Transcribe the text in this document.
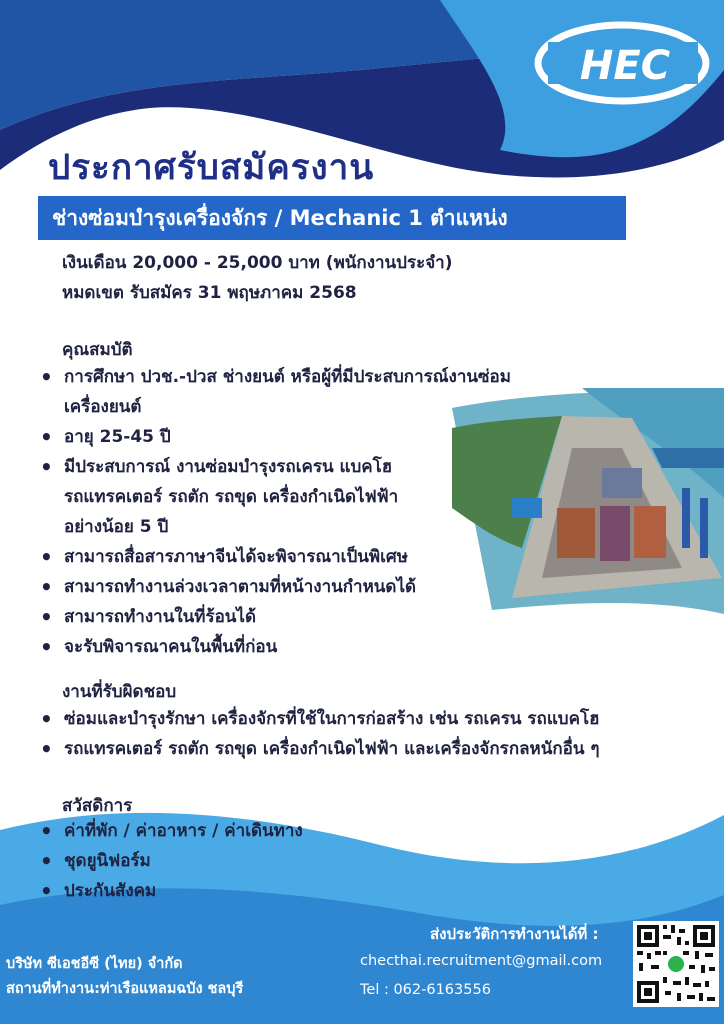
HEC
ประกาศรับสมัครงาน
ช่างซ่อมบำรุงเครื่องจักร / Mechanic 1 ตำแหน่ง
เงินเดือน 20,000 - 25,000 บาท (พนักงานประจำ)
หมดเขต รับสมัคร 31 พฤษภาคม 2568
คุณสมบัติ
• การศึกษา ปวช.-ปวส ช่างยนต์ หรือผู้ที่มีประสบการณ์งานซ่อม
เครื่องยนต์
• อายุ 25-45 ปี
• มีประสบการณ์ งานซ่อมบำรุงรถเครน แบคโฮ
รถแทรคเตอร์ รถตัก รถขุด เครื่องกำเนิดไฟฟ้า
อย่างน้อย 5 ปี
• สามารถสื่อสารภาษาจีนได้จะพิจารณาเป็นพิเศษ
• สามารถทำงานล่วงเวลาตามที่หน้างานกำหนดได้
• สามารถทำงานในที่ร้อนได้
• จะรับพิจารณาคนในพื้นที่ก่อน
งานที่รับผิดชอบ
• ซ่อมและบำรุงรักษา เครื่องจักรที่ใช้ในการก่อสร้าง เช่น รถเครน รถแบคโฮ
• รถแทรคเตอร์ รถตัก รถขุด เครื่องกำเนิดไฟฟ้า และเครื่องจักรกลหนักอื่น ๆ
สวัสดิการ
• ค่าที่พัก / ค่าอาหาร / ค่าเดินทาง
• ชุดยูนิฟอร์ม
• ประกันสังคม
บริษัท ซีเอชอีซี (ไทย) จำกัด
สถานที่ทำงาน:ท่าเรือแหลมฉบัง ชลบุรี
ส่งประวัติการทำงานได้ที่ :
checthai.recruitment@gmail.com
Tel : 062-6163556
